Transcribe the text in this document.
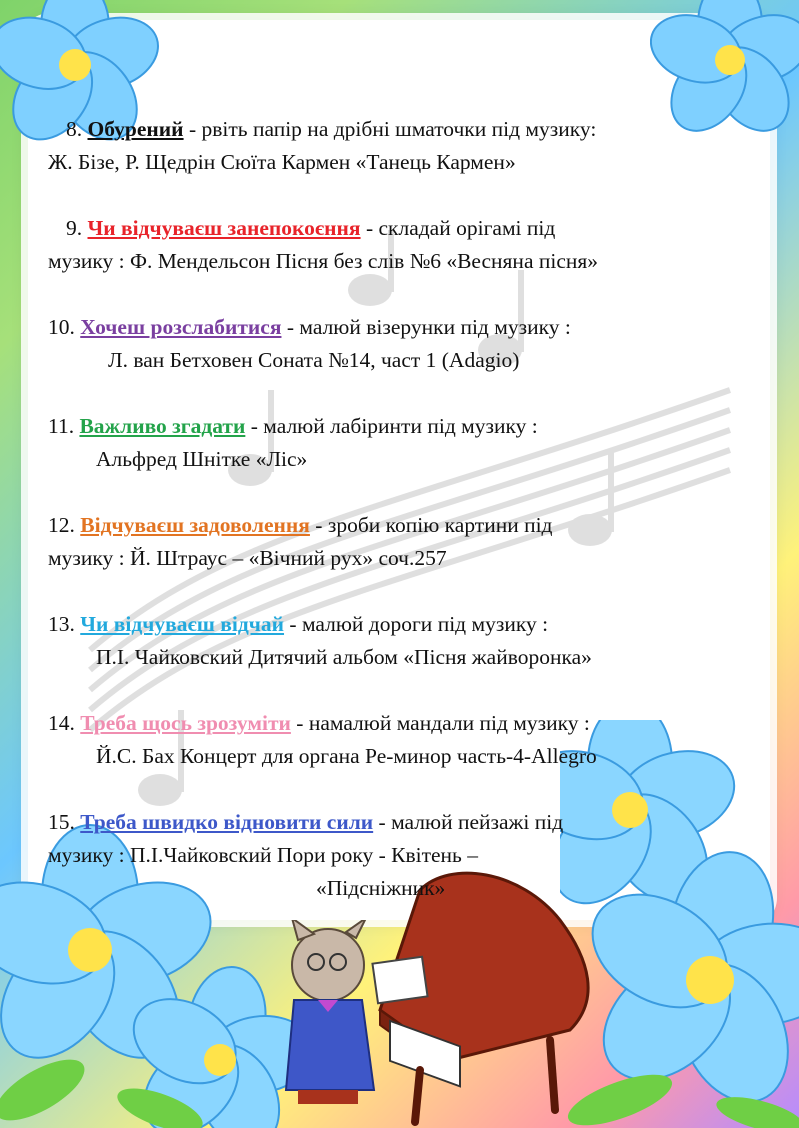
8. Обурений - рвіть папір на дрібні шматочки під музику:

Ж. Бізе, Р. Щедрін Сюїта Кармен «Танець Кармен»

9. Чи відчуваєш занепокоєння - складай орігамі під

музику : Ф. Мендельсон Пісня без слів №6 «Весняна пісня»

10. Хочеш розслабитися - малюй візерунки під музику :

Л. ван Бетховен Соната №14, част 1 (Adagio)

11. Важливо згадати - малюй лабіринти під музику :

Альфред Шнітке «Ліс»

12. Відчуваєш задоволення - зроби копію картини під

музику : Й. Штраус – «Вічний рух» соч.257

13. Чи відчуваєш відчай - малюй дороги під музику :

П.І. Чайковский Дитячий альбом «Пісня жайворонка»

14. Треба щось зрозуміти - намалюй мандали під музику :

Й.С. Бах Концерт для органа Ре-минор часть-4-Allegro

15. Треба швидко відновити сили - малюй пейзажі під

музику : П.І.Чайковский Пори року - Квітень –

«Підсніжник»
